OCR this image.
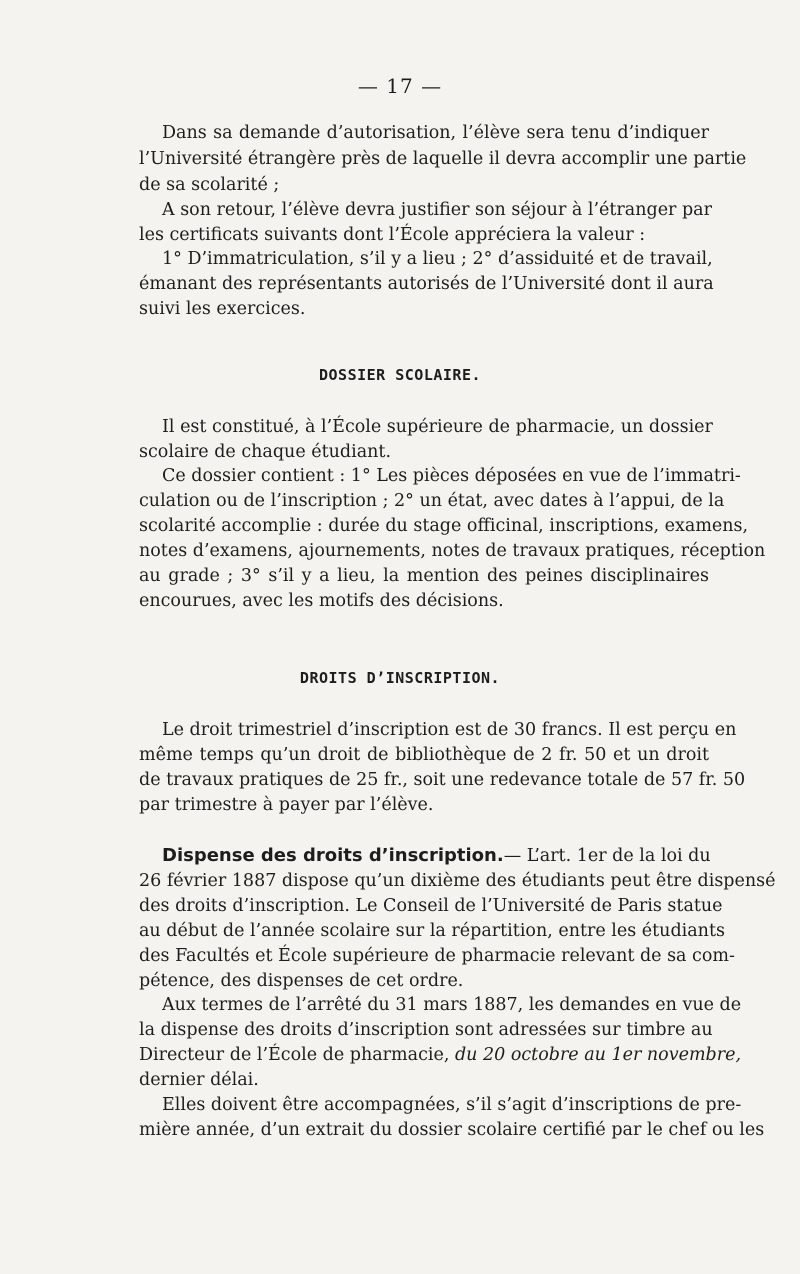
— 17 —
Dans sa demande d’autorisation, l’élève sera tenu d’indiquer
l’Université étrangère près de laquelle il devra accomplir une partie
de sa scolarité ;
A son retour, l’élève devra justifier son séjour à l’étranger par
les certificats suivants dont l’École appréciera la valeur :
1° D’immatriculation, s’il y a lieu ; 2° d’assiduité et de travail,
émanant des représentants autorisés de l’Université dont il aura
suivi les exercices.
DOSSIER SCOLAIRE.
Il est constitué, à l’École supérieure de pharmacie, un dossier
scolaire de chaque étudiant.
Ce dossier contient : 1° Les pièces déposées en vue de l’immatri-
culation ou de l’inscription ; 2° un état, avec dates à l’appui, de la
scolarité accomplie : durée du stage officinal, inscriptions, examens,
notes d’examens, ajournements, notes de travaux pratiques, réception
au grade ; 3° s’il y a lieu, la mention des peines disciplinaires
encourues, avec les motifs des décisions.
DROITS D’INSCRIPTION.
Le droit trimestriel d’inscription est de 30 francs. Il est perçu en
même temps qu’un droit de bibliothèque de 2 fr. 50 et un droit
de travaux pratiques de 25 fr., soit une redevance totale de 57 fr. 50
par trimestre à payer par l’élève.
Dispense des droits d’inscription.— L’art. 1er de la loi du
26 février 1887 dispose qu’un dixième des étudiants peut être dispensé
des droits d’inscription. Le Conseil de l’Université de Paris statue
au début de l’année scolaire sur la répartition, entre les étudiants
des Facultés et École supérieure de pharmacie relevant de sa com-
pétence, des dispenses de cet ordre.
Aux termes de l’arrêté du 31 mars 1887, les demandes en vue de
la dispense des droits d’inscription sont adressées sur timbre au
Directeur de l’École de pharmacie, du 20 octobre au 1er novembre,
dernier délai.
Elles doivent être accompagnées, s’il s’agit d’inscriptions de pre-
mière année, d’un extrait du dossier scolaire certifié par le chef ou les
